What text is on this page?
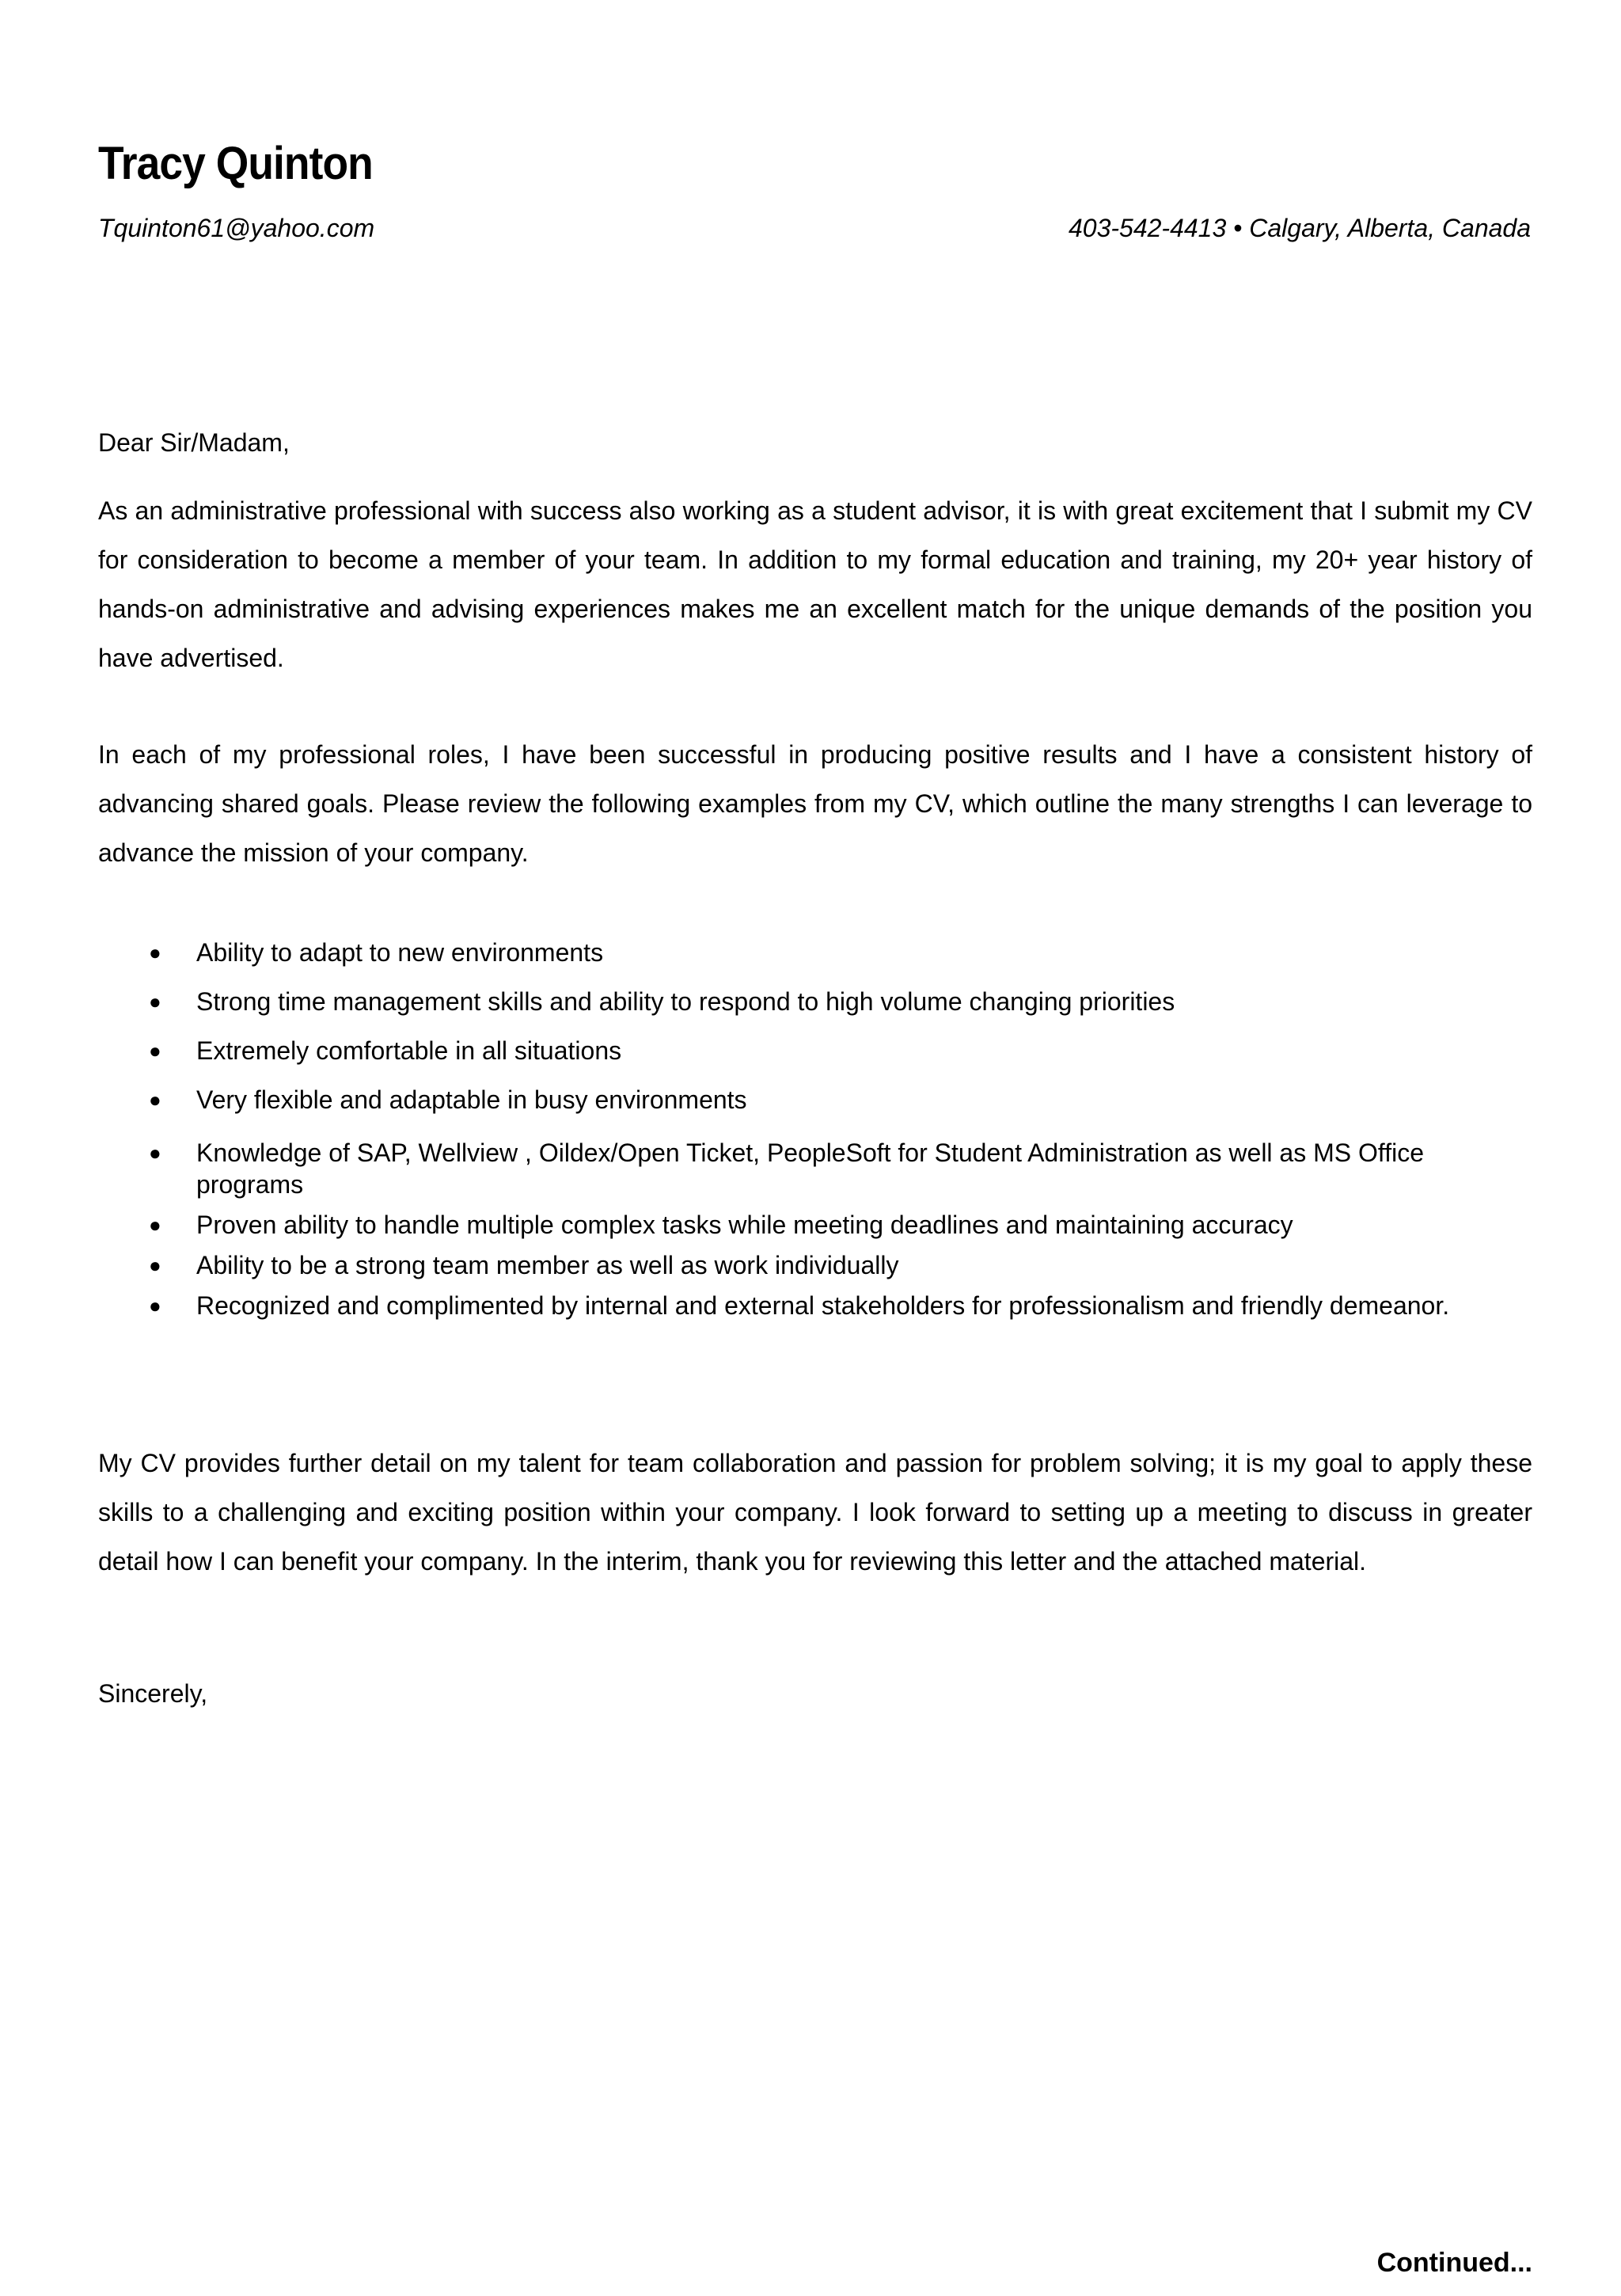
Tracy Quinton
Tquinton61@yahoo.com	403-542-4413 • Calgary, Alberta, Canada
Dear Sir/Madam,
As an administrative professional with success also working as a student advisor, it is with great excitement that I submit my CV for consideration to become a member of your team. In addition to my formal education and training, my 20+ year history of hands-on administrative and advising experiences makes me an excellent match for the unique demands of the position you have advertised.
In each of my professional roles, I have been successful in producing positive results and I have a consistent history of advancing shared goals. Please review the following examples from my CV, which outline the many strengths I can leverage to advance the mission of your company.
● Ability to adapt to new environments
● Strong time management skills and ability to respond to high volume changing priorities
● Extremely comfortable in all situations
● Very flexible and adaptable in busy environments
● Knowledge of SAP, Wellview , Oildex/Open Ticket, PeopleSoft for Student Administration as well as MS Office programs
● Proven ability to handle multiple complex tasks while meeting deadlines and maintaining accuracy
● Ability to be a strong team member as well as work individually
● Recognized and complimented by internal and external stakeholders for professionalism and friendly demeanor.
My CV provides further detail on my talent for team collaboration and passion for problem solving; it is my goal to apply these skills to a challenging and exciting position within your company. I look forward to setting up a meeting to discuss in greater detail how I can benefit your company. In the interim, thank you for reviewing this letter and the attached material.
Sincerely,
Continued...
